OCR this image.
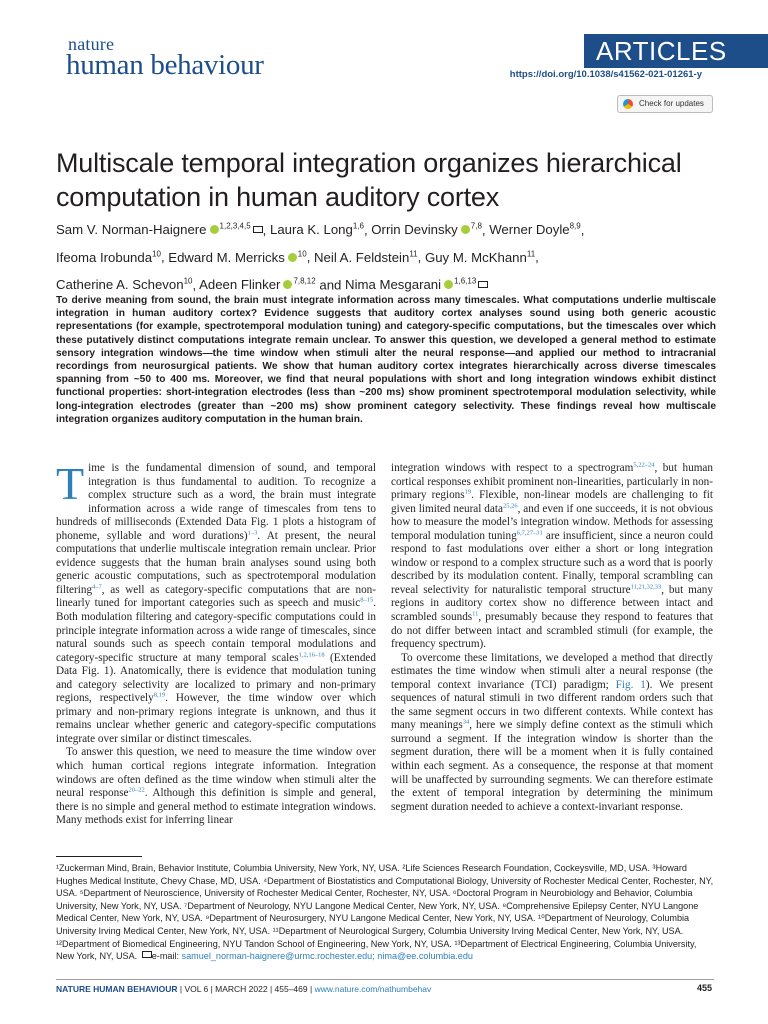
nature
human behaviour	ARTICLES
https://doi.org/10.1038/s41562-021-01261-y
Check for updates
Multiscale temporal integration organizes hierarchical computation in human auditory cortex
Sam V. Norman-Haignere $^{1,2,3,4,5}$ , Laura K. Long$^{1,6}$, Orrin Devinsky $^{7,8}$, Werner Doyle$^{8,9}$,
Ifeoma Irobunda$^{10}$, Edward M. Merricks $^{10}$, Neil A. Feldstein$^{11}$, Guy M. McKhann$^{11}$,
Catherine A. Schevon$^{10}$, Adeen Flinker $^{7,8,12}$ and Nima Mesgarani $^{1,6,13}$
To derive meaning from sound, the brain must integrate information across many timescales. What computations underlie multiscale integration in human auditory cortex? Evidence suggests that auditory cortex analyses sound using both generic acoustic representations (for example, spectrotemporal modulation tuning) and category-specific computations, but the timescales over which these putatively distinct computations integrate remain unclear. To answer this question, we developed a general method to estimate sensory integration windows—the time window when stimuli alter the neural response—and applied our method to intracranial recordings from neurosurgical patients. We show that human auditory cortex integrates hierarchically across diverse timescales spanning from ~50 to 400 ms. Moreover, we find that neural populations with short and long integration windows exhibit distinct functional properties: short-integration electrodes (less than ~200 ms) show prominent spectrotemporal modulation selectivity, while long-integration electrodes (greater than ~200 ms) show prominent category selectivity. These findings reveal how multiscale integration organizes auditory computation in the human brain.

Time is the fundamental dimension of sound, and temporal integration is thus fundamental to audition. To recognize a complex structure such as a word, the brain must integrate information across a wide range of timescales from tens to hundreds of milliseconds (Extended Data Fig. 1 plots a histogram of phoneme, syllable and word durations)$^{1-3}$. At present, the neural computations that underlie multiscale integration remain unclear. Prior evidence suggests that the human brain analyses sound using both generic acoustic computations, such as spectrotemporal modulation filtering$^{4-7}$, as well as category-specific computations that are non-linearly tuned for important categories such as speech and music$^{8-15}$. Both modulation filtering and category-specific computations could in principle integrate information across a wide range of timescales, since natural sounds such as speech contain temporal modulations and category-specific structure at many temporal scales$^{1,2,16-18}$ (Extended Data Fig. 1). Anatomically, there is evidence that modulation tuning and category selectivity are localized to primary and non-primary regions, respectively$^{8,19}$. However, the time window over which primary and non-primary regions integrate is unknown, and thus it remains unclear whether generic and category-specific computations integrate over similar or distinct timescales.

To answer this question, we need to measure the time window over which human cortical regions integrate information. Integration windows are often defined as the time window when stimuli alter the neural response$^{20-22}$. Although this definition is simple and general, there is no simple and general method to estimate integration windows. Many methods exist for inferring linear

integration windows with respect to a spectrogram$^{5,22-24}$, but human cortical responses exhibit prominent non-linearities, particularly in non-primary regions$^{19}$. Flexible, non-linear models are challenging to fit given limited neural data$^{25,26}$, and even if one succeeds, it is not obvious how to measure the model’s integration window. Methods for assessing temporal modulation tuning$^{6,7,27-31}$ are insufficient, since a neuron could respond to fast modulations over either a short or long integration window or respond to a complex structure such as a word that is poorly described by its modulation content. Finally, temporal scrambling can reveal selectivity for naturalistic temporal structure$^{11,21,32,33}$, but many regions in auditory cortex show no difference between intact and scrambled sounds$^{11}$, presumably because they respond to features that do not differ between intact and scrambled stimuli (for example, the frequency spectrum).

To overcome these limitations, we developed a method that directly estimates the time window when stimuli alter a neural response (the temporal context invariance (TCI) paradigm; Fig. 1). We present sequences of natural stimuli in two different random orders such that the same segment occurs in two different contexts. While context has many meanings$^{34}$, here we simply define context as the stimuli which surround a segment. If the integration window is shorter than the segment duration, there will be a moment when it is fully contained within each segment. As a consequence, the response at that moment will be unaffected by surrounding segments. We can therefore estimate the extent of temporal integration by determining the minimum segment duration needed to achieve a context-invariant response.

¹Zuckerman Mind, Brain, Behavior Institute, Columbia University, New York, NY, USA. ²Life Sciences Research Foundation, Cockeysville, MD, USA. ³Howard Hughes Medical Institute, Chevy Chase, MD, USA. ⁴Department of Biostatistics and Computational Biology, University of Rochester Medical Center, Rochester, NY, USA. ⁵Department of Neuroscience, University of Rochester Medical Center, Rochester, NY, USA. ⁶Doctoral Program in Neurobiology and Behavior, Columbia University, New York, NY, USA. ⁷Department of Neurology, NYU Langone Medical Center, New York, NY, USA. ⁸Comprehensive Epilepsy Center, NYU Langone Medical Center, New York, NY, USA. ⁹Department of Neurosurgery, NYU Langone Medical Center, New York, NY, USA. ¹⁰Department of Neurology, Columbia University Irving Medical Center, New York, NY, USA. ¹¹Department of Neurological Surgery, Columbia University Irving Medical Center, New York, NY, USA. ¹²Department of Biomedical Engineering, NYU Tandon School of Engineering, New York, NY, USA. ¹³Department of Electrical Engineering, Columbia University, New York, NY, USA. e-mail: samuel_norman-haignere@urmc.rochester.edu; nima@ee.columbia.edu
NATURE HUMAN BEHAVIOUR | VOL 6 | MARCH 2022 | 455–469 | www.nature.com/nathumbehav	455
